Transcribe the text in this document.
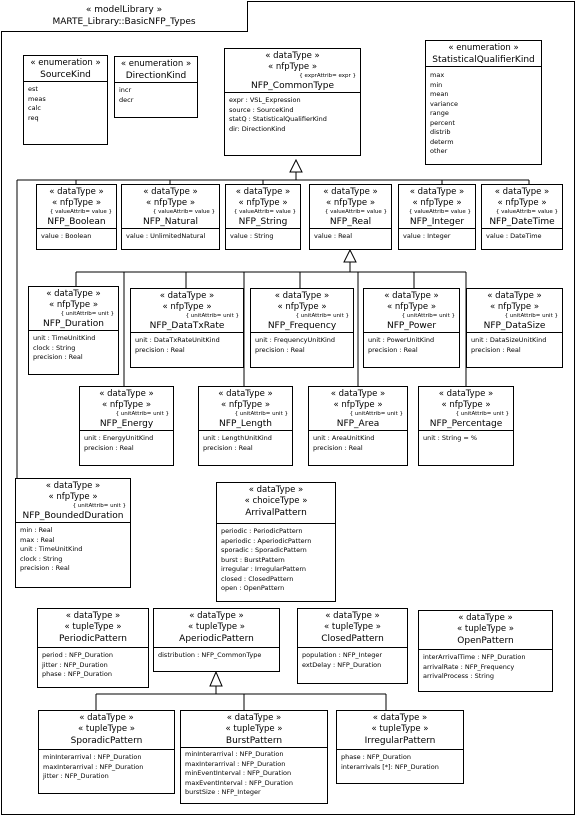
« modelLibrary »
MARTE_Library::BasicNFP_Types
« enumeration »
SourceKind
est
meas
calc
req
« enumeration »
DirectionKind
incr
decr
« dataType »
« nfpType »
{ exprAttrib= expr }
NFP_CommonType
expr : VSL_Expression
source : SourceKind
statQ : StatisticalQualifierKind
dir: DirectionKind
« enumeration »
StatisticalQualifierKind
max
min
mean
variance
range
percent
distrib
determ
other
« dataType »
« nfpType »
{ valueAttrib= value }
NFP_Boolean
value : Boolean
« dataType »
« nfpType »
{ valueAttrib= value }
NFP_Natural
value : UnlimitedNatural
« dataType »
« nfpType »
{ valueAttrib= value }
NFP_String
value : String
« dataType »
« nfpType »
{ valueAttrib= value }
NFP_Real
value : Real
« dataType »
« nfpType »
{ valueAttrib= value }
NFP_Integer
value : Integer
« dataType »
« nfpType »
{ valueAttrib= value }
NFP_DateTime
value : DateTime
« dataType »
« nfpType »
{ unitAttrib= unit }
NFP_Duration
unit : TimeUnitKind
clock : String
precision : Real
« dataType »
« nfpType »
{ unitAttrib= unit }
NFP_DataTxRate
unit : DataTxRateUnitKind
precision : Real
« dataType »
« nfpType »
{ unitAttrib= unit }
NFP_Frequency
unit : FrequencyUnitKind
precision : Real
« dataType »
« nfpType »
{ unitAttrib= unit }
NFP_Power
unit : PowerUnitKind
precision : Real
« dataType »
« nfpType »
{ unitAttrib= unit }
NFP_DataSize
unit : DataSizeUnitKind
precision : Real
« dataType »
« nfpType »
{ unitAttrib= unit }
NFP_Energy
unit : EnergyUnitKind
precision : Real
« dataType »
« nfpType »
{ unitAttrib= unit }
NFP_Length
unit : LengthUnitKind
precision : Real
« dataType »
« nfpType »
{ unitAttrib= unit }
NFP_Area
unit : AreaUnitKind
precision : Real
« dataType »
« nfpType »
{ unitAttrib= unit }
NFP_Percentage
unit : String = %
« dataType »
« nfpType »
{ unitAttrib= unit }
NFP_BoundedDuration
min : Real
max : Real
unit : TimeUnitKind
clock : String
precision : Real
« dataType »
« choiceType »
ArrivalPattern
periodic : PeriodicPattern
aperiodic : AperiodicPattern
sporadic : SporadicPattern
burst : BurstPattern
irregular : IrregularPattern
closed : ClosedPattern
open : OpenPattern
« dataType »
« tupleType »
PeriodicPattern
period : NFP_Duration
jitter : NFP_Duration
phase : NFP_Duration
« dataType »
« tupleType »
AperiodicPattern
distribution : NFP_CommonType
« dataType »
« tupleType »
ClosedPattern
population : NFP_Integer
extDelay : NFP_Duration
« dataType »
« tupleType »
OpenPattern
interArrivalTime : NFP_Duration
arrivalRate : NFP_Frequency
arrivalProcess : String
« dataType »
« tupleType »
SporadicPattern
minInterarrival : NFP_Duration
maxInterarrival : NFP_Duration
jitter : NFP_Duration
« dataType »
« tupleType »
BurstPattern
minInterarrival : NFP_Duration
maxInterarrival : NFP_Duration
minEventInterval : NFP_Duration
maxEventInterval : NFP_Duration
burstSize : NFP_Integer
« dataType »
« tupleType »
IrregularPattern
phase : NFP_Duration
interarrivals [*]: NFP_Duration
